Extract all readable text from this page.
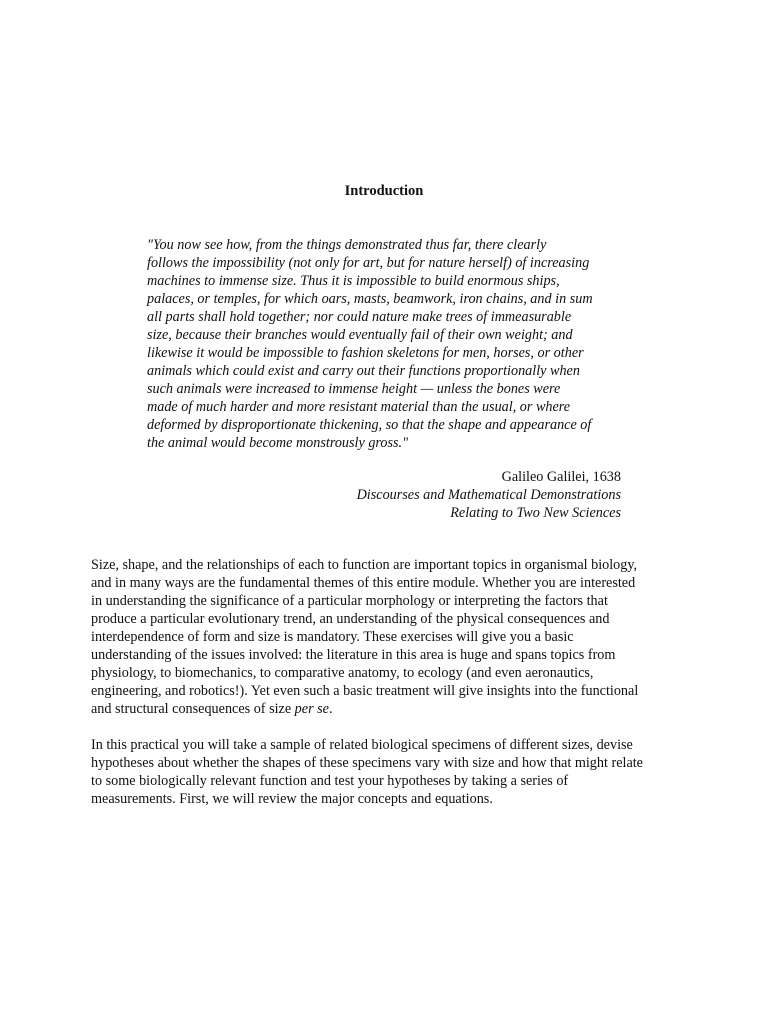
Introduction
"You now see how, from the things demonstrated thus far, there clearly
follows the impossibility (not only for art, but for nature herself) of increasing
machines to immense size. Thus it is impossible to build enormous ships,
palaces, or temples, for which oars, masts, beamwork, iron chains, and in sum
all parts shall hold together; nor could nature make trees of immeasurable
size, because their branches would eventually fail of their own weight; and
likewise it would be impossible to fashion skeletons for men, horses, or other
animals which could exist and carry out their functions proportionally when
such animals were increased to immense height — unless the bones were
made of much harder and more resistant material than the usual, or where
deformed by disproportionate thickening, so that the shape and appearance of
the animal would become monstrously gross."
Galileo Galilei, 1638
Discourses and Mathematical Demonstrations
Relating to Two New Sciences
Size, shape, and the relationships of each to function are important topics in organismal biology,
and in many ways are the fundamental themes of this entire module. Whether you are interested
in understanding the significance of a particular morphology or interpreting the factors that
produce a particular evolutionary trend, an understanding of the physical consequences and
interdependence of form and size is mandatory. These exercises will give you a basic
understanding of the issues involved: the literature in this area is huge and spans topics from
physiology, to biomechanics, to comparative anatomy, to ecology (and even aeronautics,
engineering, and robotics!). Yet even such a basic treatment will give insights into the functional
and structural consequences of size per se.
In this practical you will take a sample of related biological specimens of different sizes, devise
hypotheses about whether the shapes of these specimens vary with size and how that might relate
to some biologically relevant function and test your hypotheses by taking a series of
measurements. First, we will review the major concepts and equations.
